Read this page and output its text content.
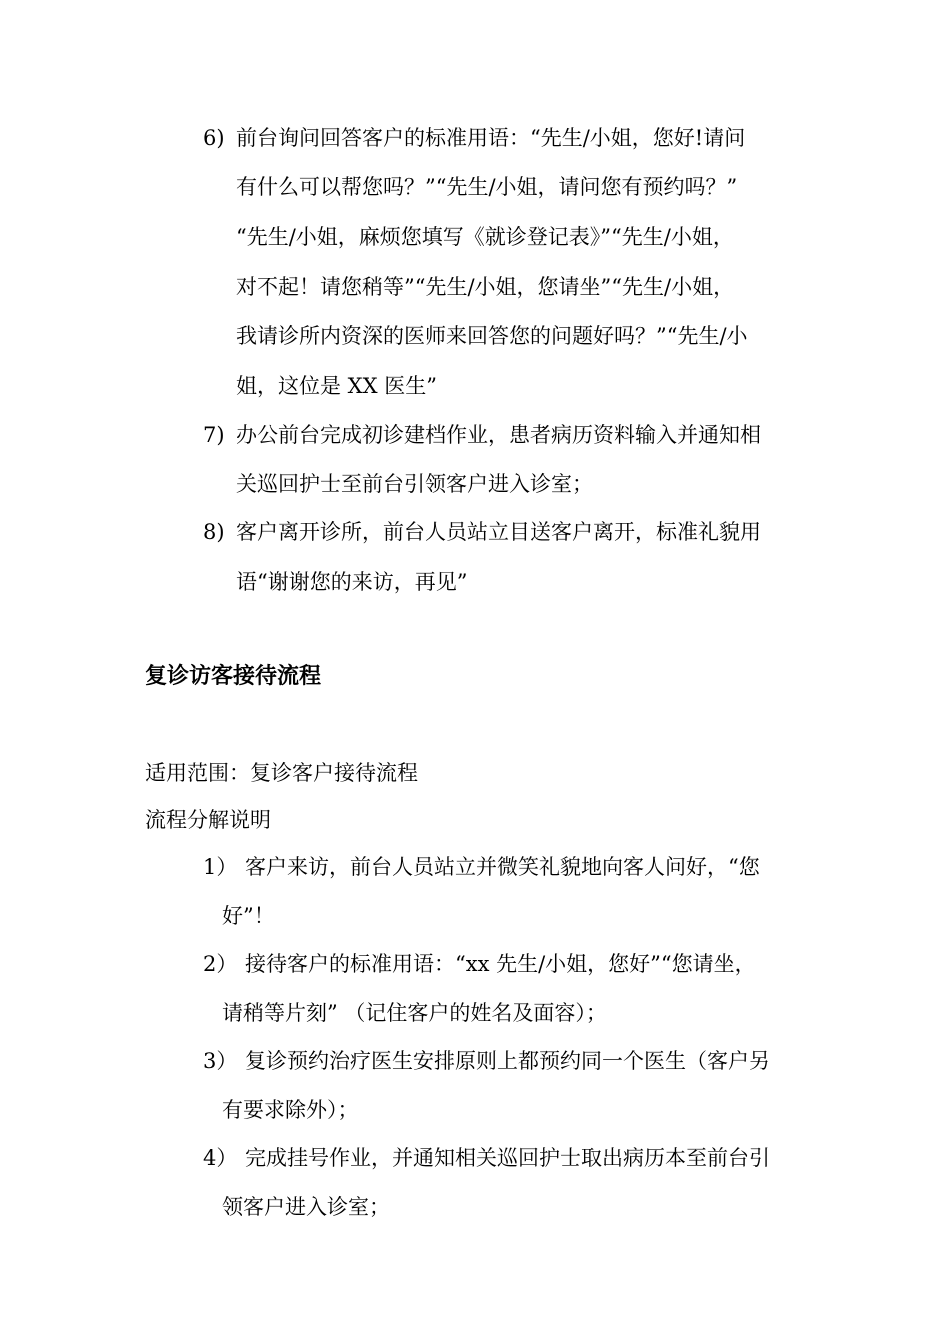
6) 前台询问回答客户的标准用语：“先生/小姐，您好!请问
有什么可以帮您吗？”“先生/小姐，请问您有预约吗？”
“先生/小姐，麻烦您填写《就诊登记表》”“先生/小姐，
对不起！请您稍等”“先生/小姐，您请坐”“先生/小姐，
我请诊所内资深的医师来回答您的问题好吗？”“先生/小
姐，这位是 XX 医生”
7) 办公前台完成初诊建档作业，患者病历资料输入并通知相
关巡回护士至前台引领客户进入诊室；
8) 客户离开诊所，前台人员站立目送客户离开，标准礼貌用
语“谢谢您的来访，再见”
复诊访客接待流程
适用范围：复诊客户接待流程
流程分解说明
1） 客户来访，前台人员站立并微笑礼貌地向客人问好，“您
好”！
2） 接待客户的标准用语：“xx 先生/小姐，您好”“您请坐，
请稍等片刻” （记住客户的姓名及面容）；
3） 复诊预约治疗医生安排原则上都预约同一个医生（客户另
有要求除外）；
4） 完成挂号作业，并通知相关巡回护士取出病历本至前台引
领客户进入诊室；
